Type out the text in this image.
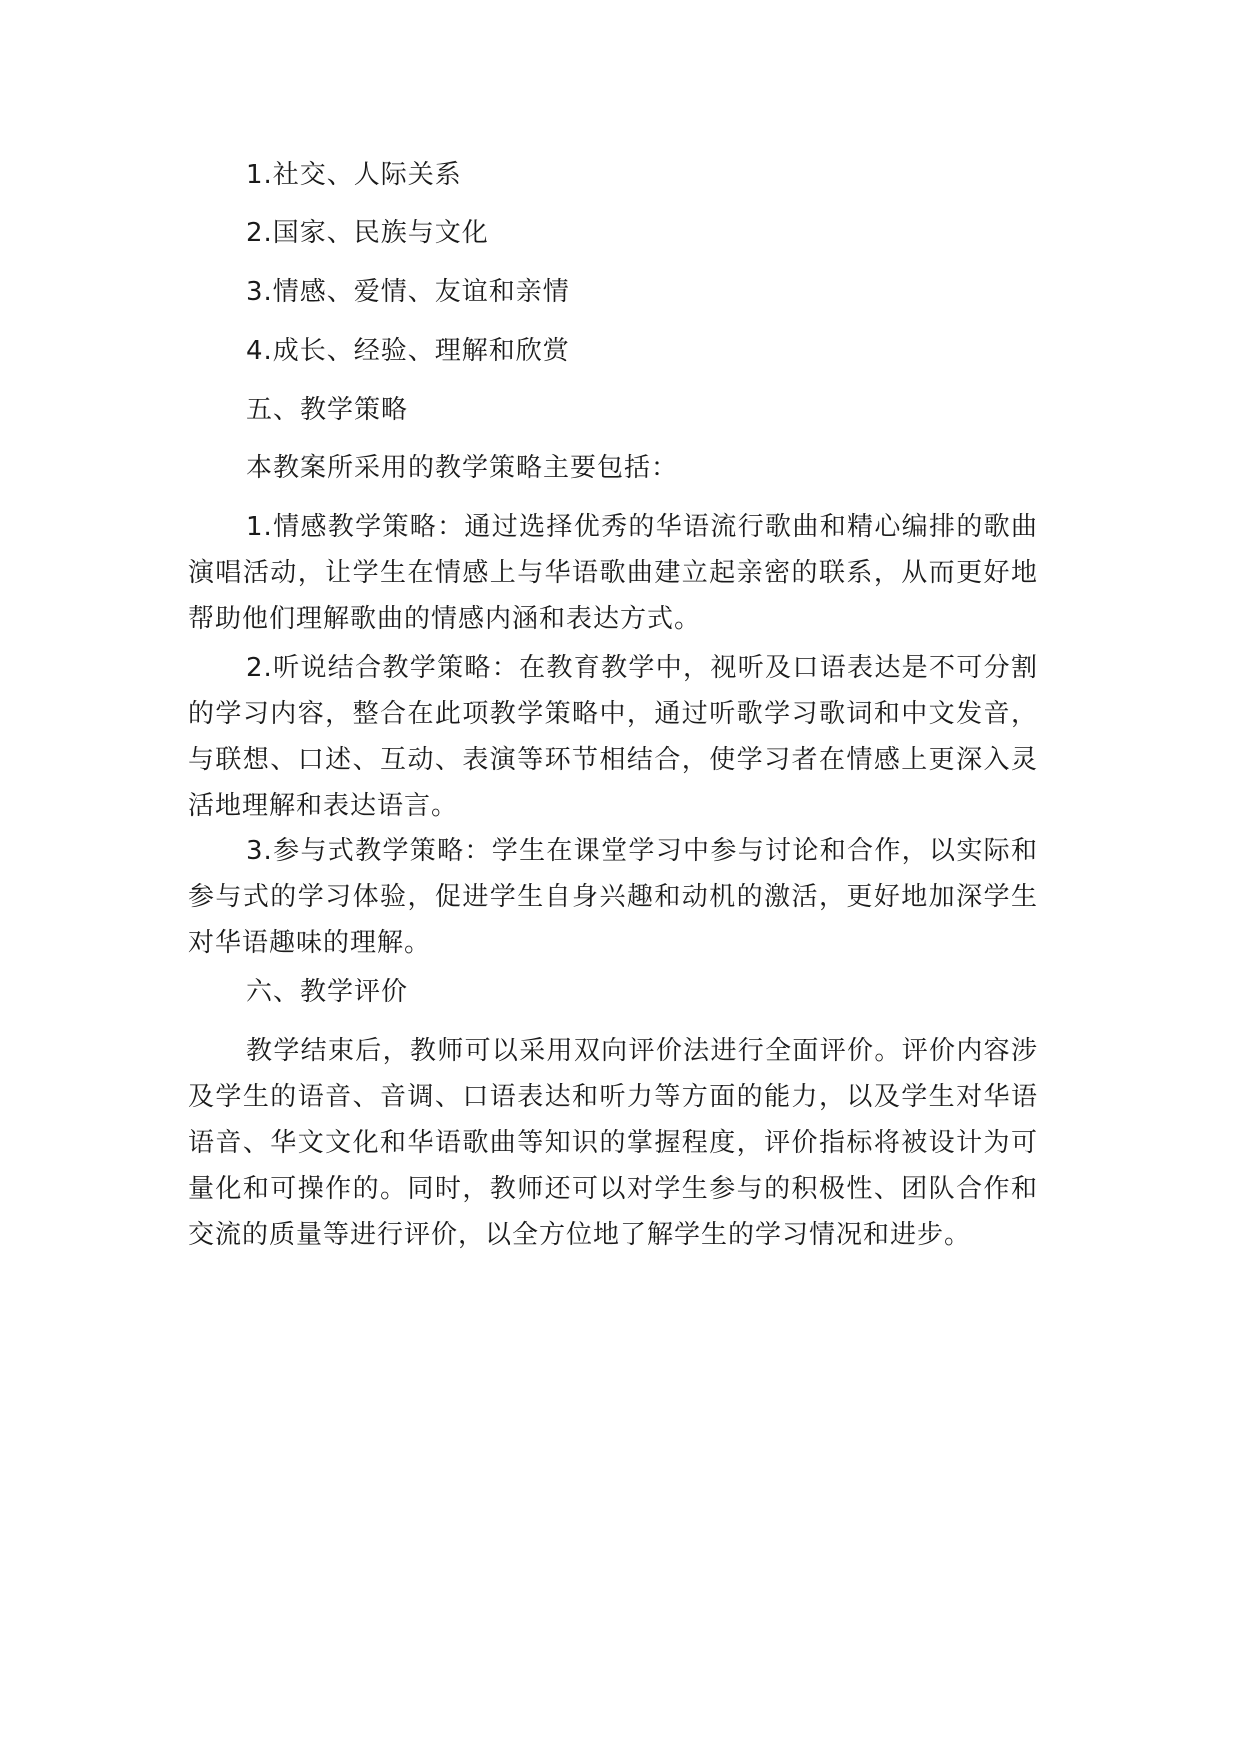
1.社交、人际关系

2.国家、民族与文化

3.情感、爱情、友谊和亲情

4.成长、经验、理解和欣赏

五、教学策略

本教案所采用的教学策略主要包括：

1.情感教学策略：通过选择优秀的华语流行歌曲和精心编排的歌曲演唱活动，让学生在情感上与华语歌曲建立起亲密的联系，从而更好地帮助他们理解歌曲的情感内涵和表达方式。

2.听说结合教学策略：在教育教学中，视听及口语表达是不可分割的学习内容，整合在此项教学策略中，通过听歌学习歌词和中文发音，与联想、口述、互动、表演等环节相结合，使学习者在情感上更深入灵活地理解和表达语言。

3.参与式教学策略：学生在课堂学习中参与讨论和合作，以实际和参与式的学习体验，促进学生自身兴趣和动机的激活，更好地加深学生对华语趣味的理解。

六、教学评价

教学结束后，教师可以采用双向评价法进行全面评价。评价内容涉及学生的语音、音调、口语表达和听力等方面的能力，以及学生对华语语音、华文文化和华语歌曲等知识的掌握程度，评价指标将被设计为可量化和可操作的。同时，教师还可以对学生参与的积极性、团队合作和交流的质量等进行评价，以全方位地了解学生的学习情况和进步。
